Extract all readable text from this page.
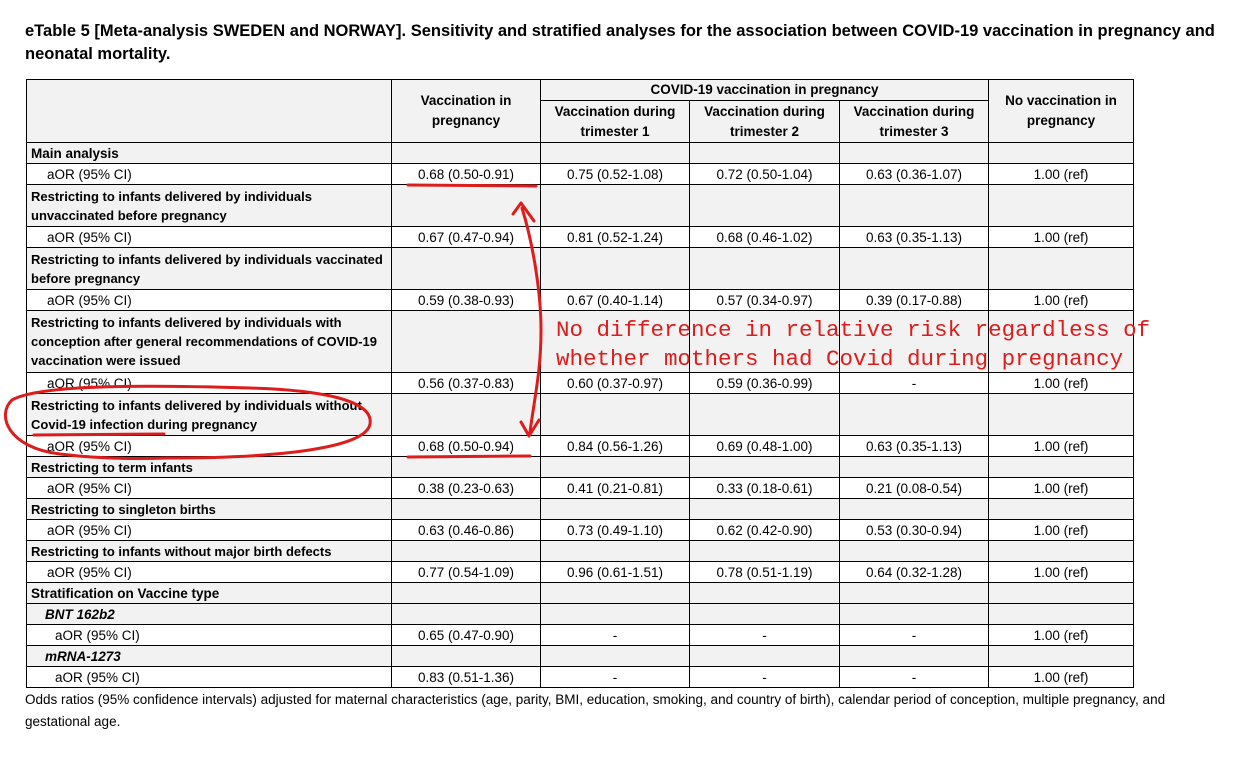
eTable 5 [Meta-analysis SWEDEN and NORWAY]. Sensitivity and stratified analyses for the association between COVID-19 vaccination in pregnancy and neonatal mortality.
	Vaccination in pregnancy	COVID-19 vaccination in pregnancy			No vaccination in pregnancy
		Vaccination during trimester 1	Vaccination during trimester 2	Vaccination during trimester 3	
Main analysis					
aOR (95% CI)	0.68 (0.50-0.91)	0.75 (0.52-1.08)	0.72 (0.50-1.04)	0.63 (0.36-1.07)	1.00 (ref)
Restricting to infants delivered by individuals unvaccinated before pregnancy					
aOR (95% CI)	0.67 (0.47-0.94)	0.81 (0.52-1.24)	0.68 (0.46-1.02)	0.63 (0.35-1.13)	1.00 (ref)
Restricting to infants delivered by individuals vaccinated before pregnancy					
aOR (95% CI)	0.59 (0.38-0.93)	0.67 (0.40-1.14)	0.57 (0.34-0.97)	0.39 (0.17-0.88)	1.00 (ref)
Restricting to infants delivered by individuals with conception after general recommendations of COVID-19 vaccination were issued					
aOR (95% CI)	0.56 (0.37-0.83)	0.60 (0.37-0.97)	0.59 (0.36-0.99)	-	1.00 (ref)
Restricting to infants delivered by individuals without Covid-19 infection during pregnancy					
aOR (95% CI)	0.68 (0.50-0.94)	0.84 (0.56-1.26)	0.69 (0.48-1.00)	0.63 (0.35-1.13)	1.00 (ref)
Restricting to term infants					
aOR (95% CI)	0.38 (0.23-0.63)	0.41 (0.21-0.81)	0.33 (0.18-0.61)	0.21 (0.08-0.54)	1.00 (ref)
Restricting to singleton births					
aOR (95% CI)	0.63 (0.46-0.86)	0.73 (0.49-1.10)	0.62 (0.42-0.90)	0.53 (0.30-0.94)	1.00 (ref)
Restricting to infants without major birth defects					
aOR (95% CI)	0.77 (0.54-1.09)	0.96 (0.61-1.51)	0.78 (0.51-1.19)	0.64 (0.32-1.28)	1.00 (ref)
Stratification on Vaccine type					
BNT 162b2					
aOR (95% CI)	0.65 (0.47-0.90)	-	-	-	1.00 (ref)
mRNA-1273					
aOR (95% CI)	0.83 (0.51-1.36)	-	-	-	1.00 (ref)
Odds ratios (95% confidence intervals) adjusted for maternal characteristics (age, parity, BMI, education, smoking, and country of birth), calendar period of conception, multiple pregnancy, and gestational age.
No difference in relative risk regardless of
whether mothers had Covid during pregnancy
